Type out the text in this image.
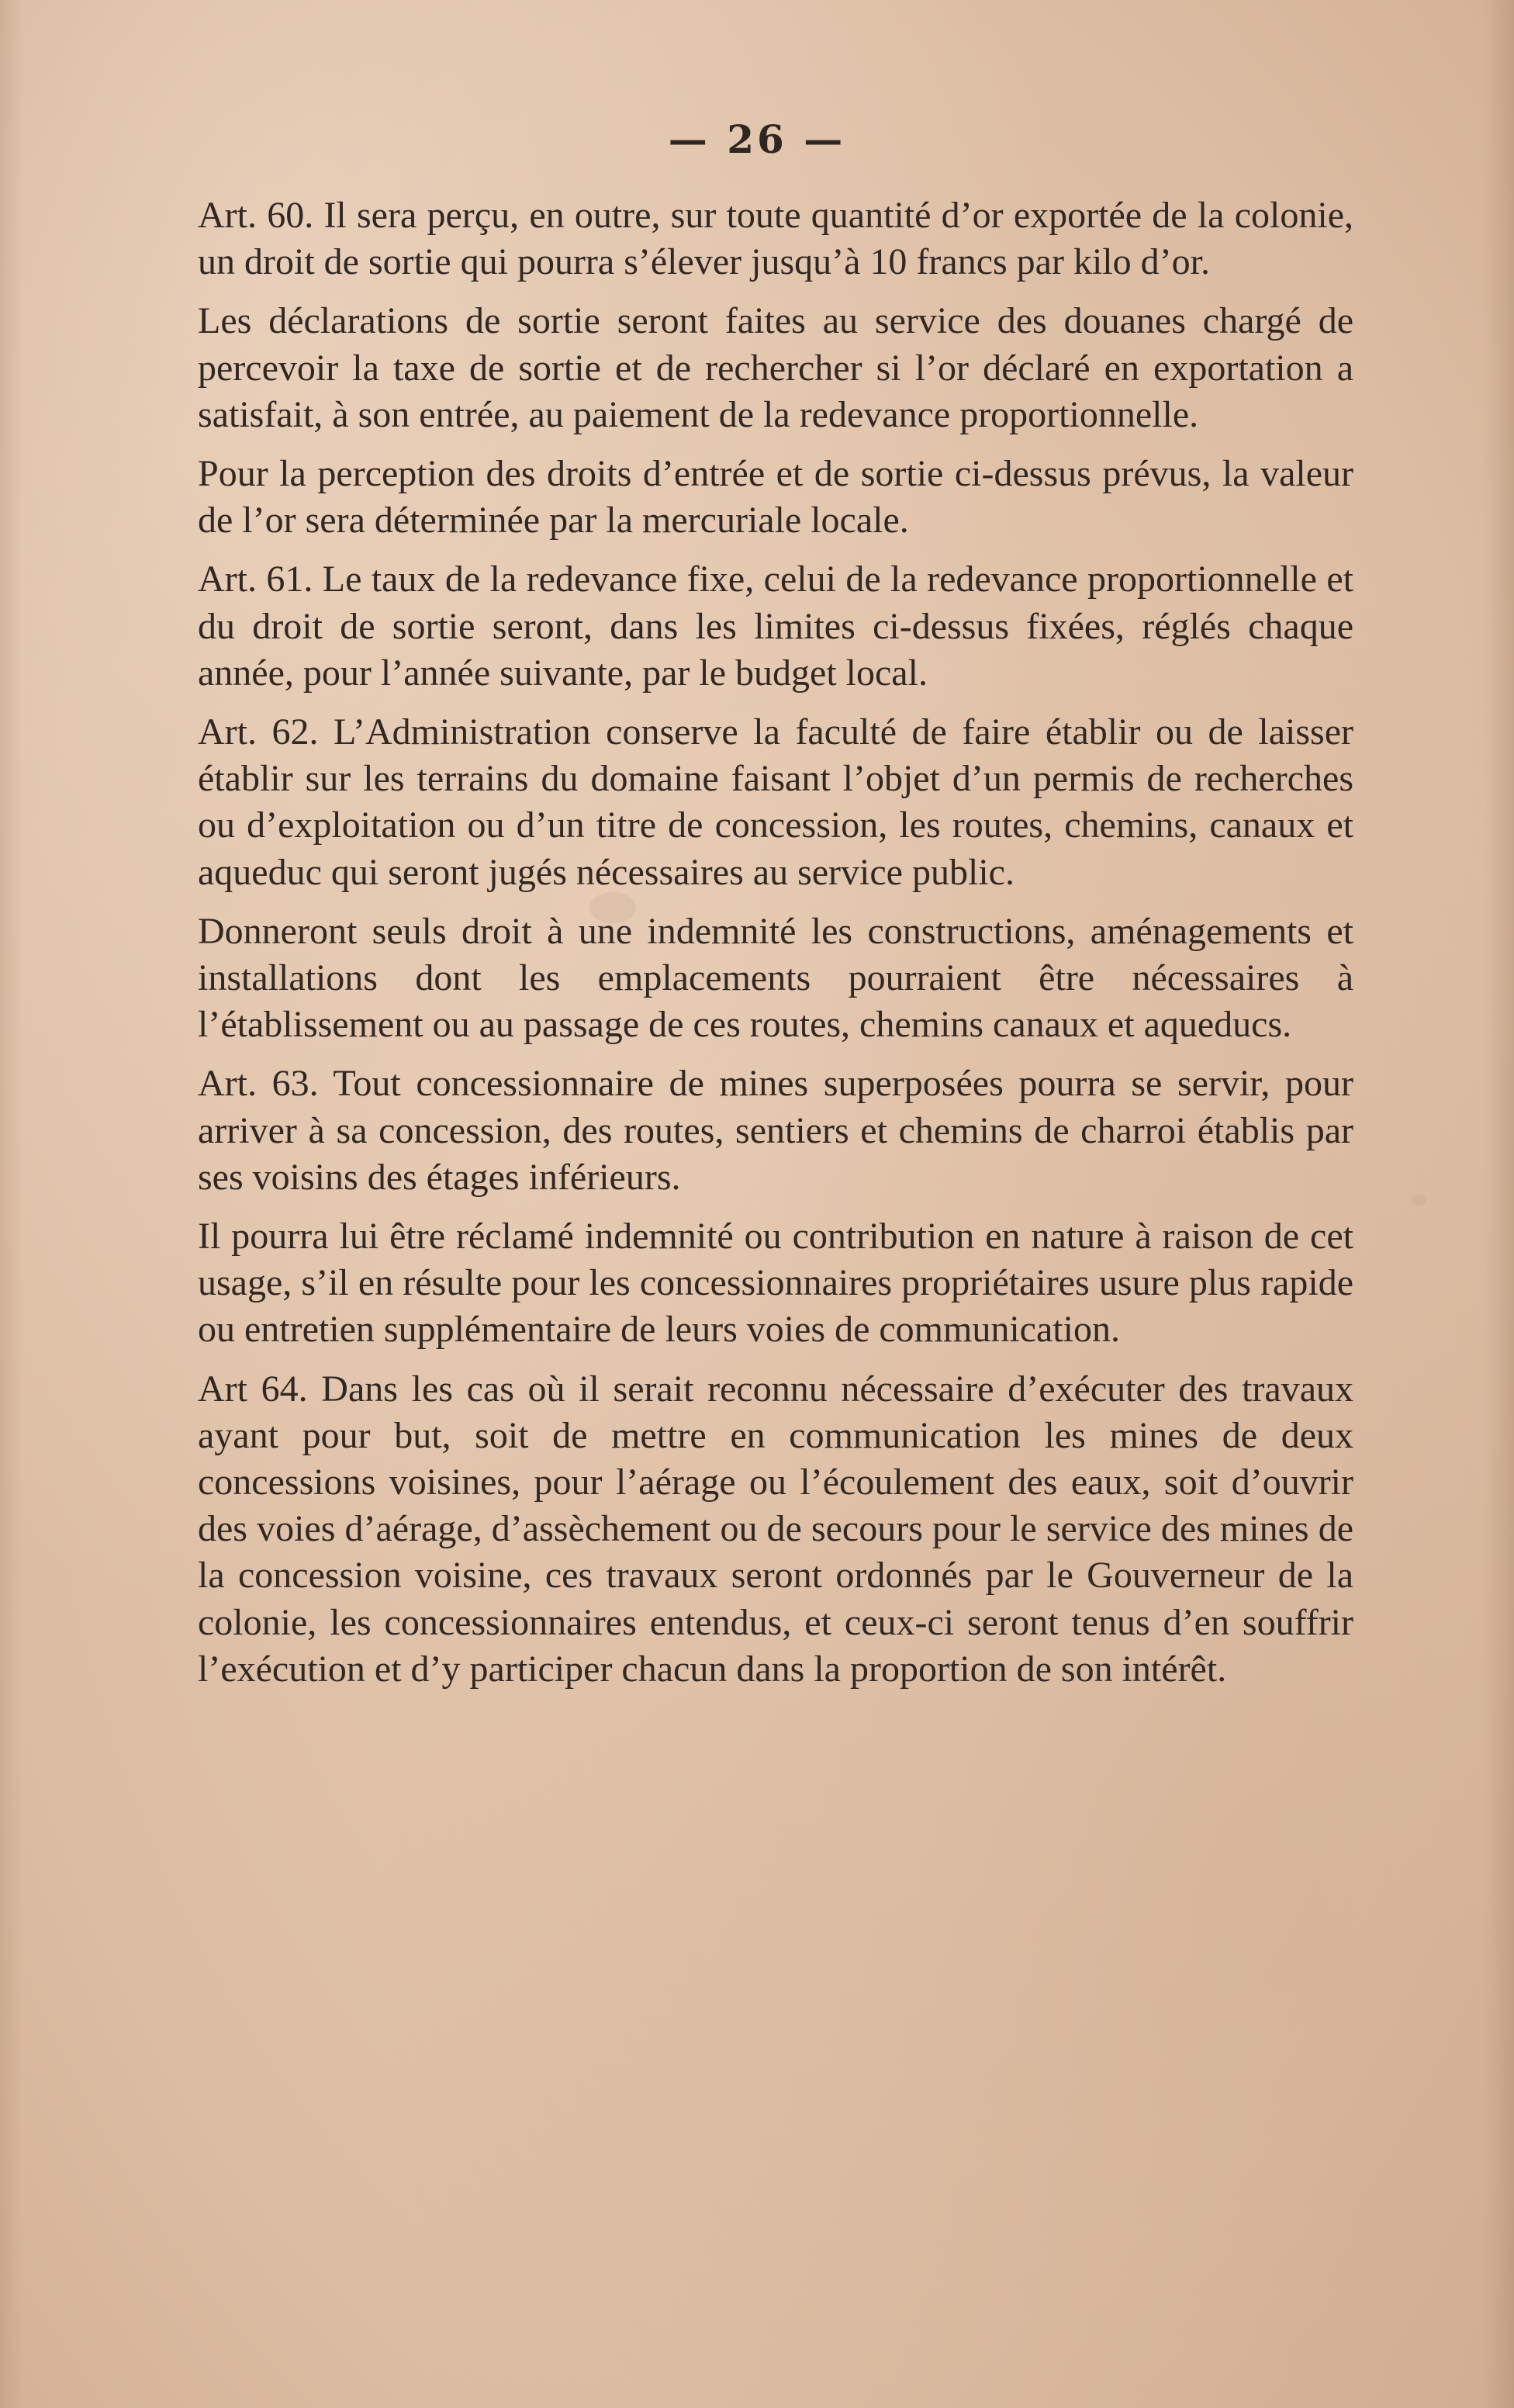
— 26 —

Art. 60. Il sera perçu, en outre, sur toute quantité d’or exportée de la colonie, un droit de sortie qui pourra s’élever jusqu’à 10 francs par kilo d’or.

Les déclarations de sortie seront faites au service des douanes chargé de percevoir la taxe de sortie et de rechercher si l’or déclaré en exportation a satisfait, à son entrée, au paiement de la redevance proportionnelle.

Pour la perception des droits d’entrée et de sortie ci-dessus prévus, la valeur de l’or sera déterminée par la mercuriale locale.

Art. 61. Le taux de la redevance fixe, celui de la redevance proportionnelle et du droit de sortie seront, dans les limites ci-dessus fixées, réglés chaque année, pour l’année suivante, par le budget local.

Art. 62. L’Administration conserve la faculté de faire établir ou de laisser établir sur les terrains du domaine faisant l’objet d’un permis de recherches ou d’exploitation ou d’un titre de concession, les routes, chemins, canaux et aqueduc qui seront jugés nécessaires au service public.

Donneront seuls droit à une indemnité les constructions, aménagements et installations dont les emplacements pourraient être nécessaires à l’établissement ou au passage de ces routes, chemins canaux et aqueducs.

Art. 63. Tout concessionnaire de mines superposées pourra se servir, pour arriver à sa concession, des routes, sentiers et chemins de charroi établis par ses voisins des étages inférieurs.

Il pourra lui être réclamé indemnité ou contribution en nature à raison de cet usage, s’il en résulte pour les concessionnaires propriétaires usure plus rapide ou entretien supplémentaire de leurs voies de communication.

Art 64. Dans les cas où il serait reconnu nécessaire d’exécuter des travaux ayant pour but, soit de mettre en communication les mines de deux concessions voisines, pour l’aérage ou l’écoulement des eaux, soit d’ouvrir des voies d’aérage, d’assèchement ou de secours pour le service des mines de la concession voisine, ces travaux seront ordonnés par le Gouverneur de la colonie, les concessionnaires entendus, et ceux-ci seront tenus d’en souffrir l’exécution et d’y participer chacun dans la proportion de son intérêt.
